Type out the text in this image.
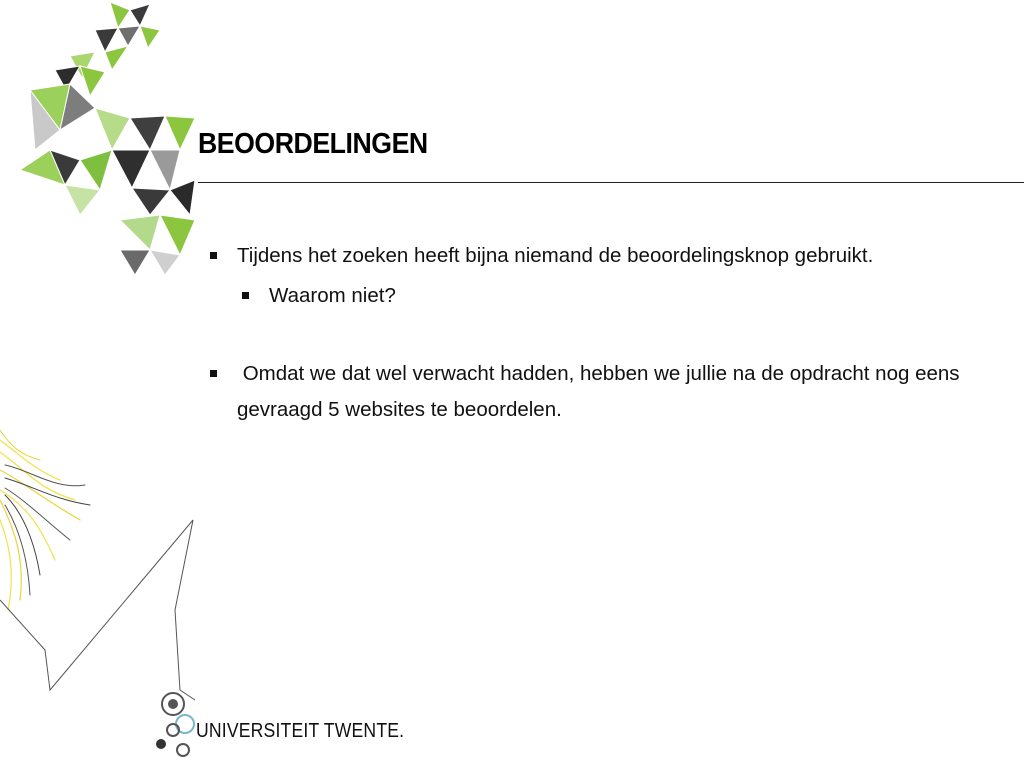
BEOORDELINGEN
Tijdens het zoeken heeft bijna niemand de beoordelingsknop gebruikt.
Waarom niet?
Omdat we dat wel verwacht hadden, hebben we jullie na de opdracht nog eens gevraagd 5 websites te beoordelen.
UNIVERSITEIT TWENTE.
